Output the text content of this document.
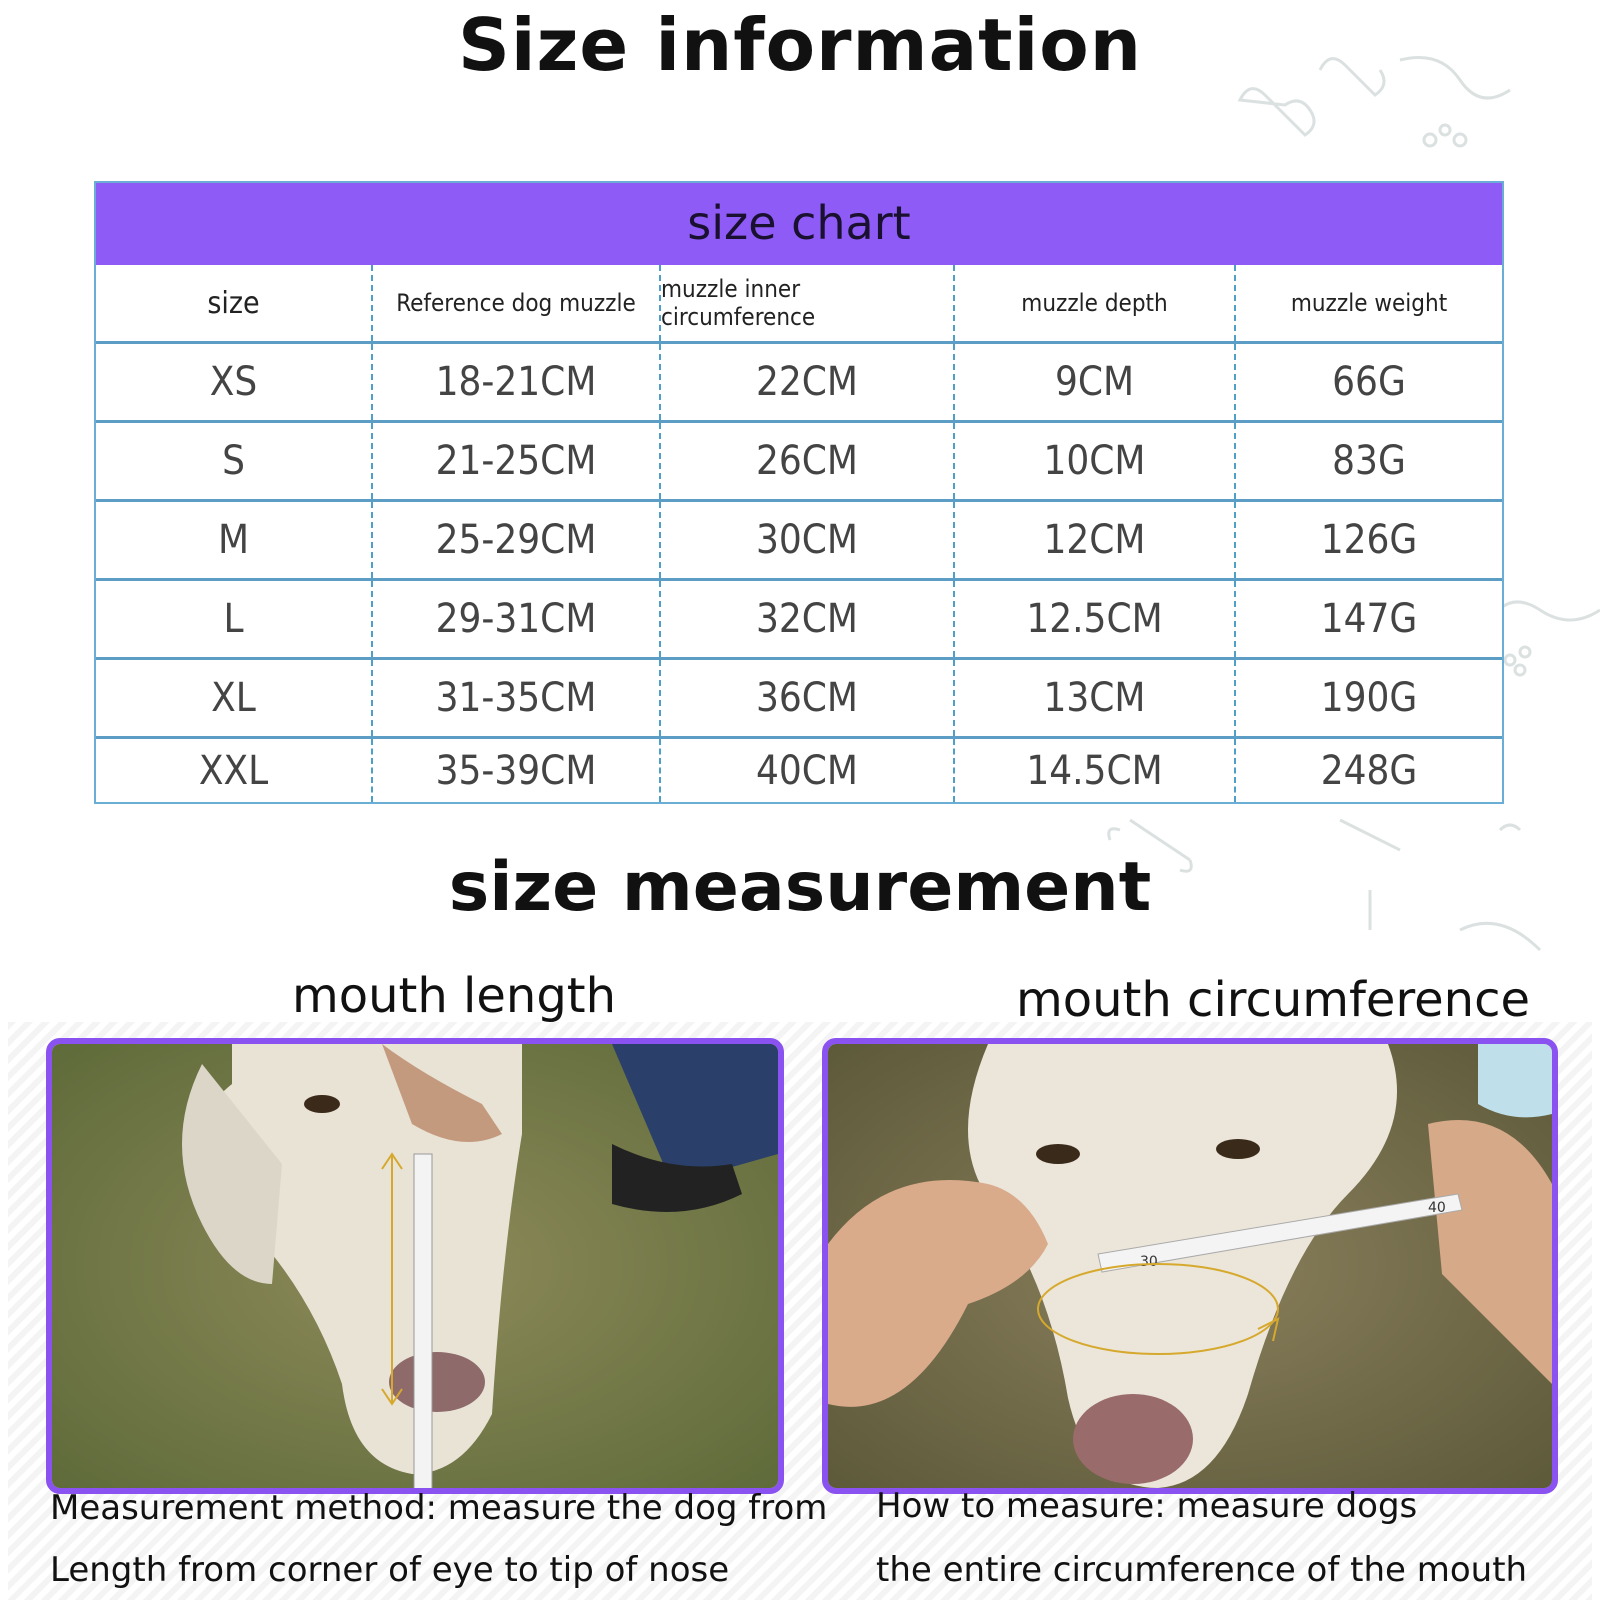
Size information
size chart
size	Reference dog muzzle	muzzle inner circumference	muzzle depth	muzzle weight
XS	18-21CM	22CM	9CM	66G
S	21-25CM	26CM	10CM	83G
M	25-29CM	30CM	12CM	126G
L	29-31CM	32CM	12.5CM	147G
XL	31-35CM	36CM	13CM	190G
XXL	35-39CM	40CM	14.5CM	248G
size measurement
mouth length	mouth circumference
30
40
Measurement method: measure the dog from
Length from corner of eye to tip of nose
How to measure: measure dogs
the entire circumference of the mouth
